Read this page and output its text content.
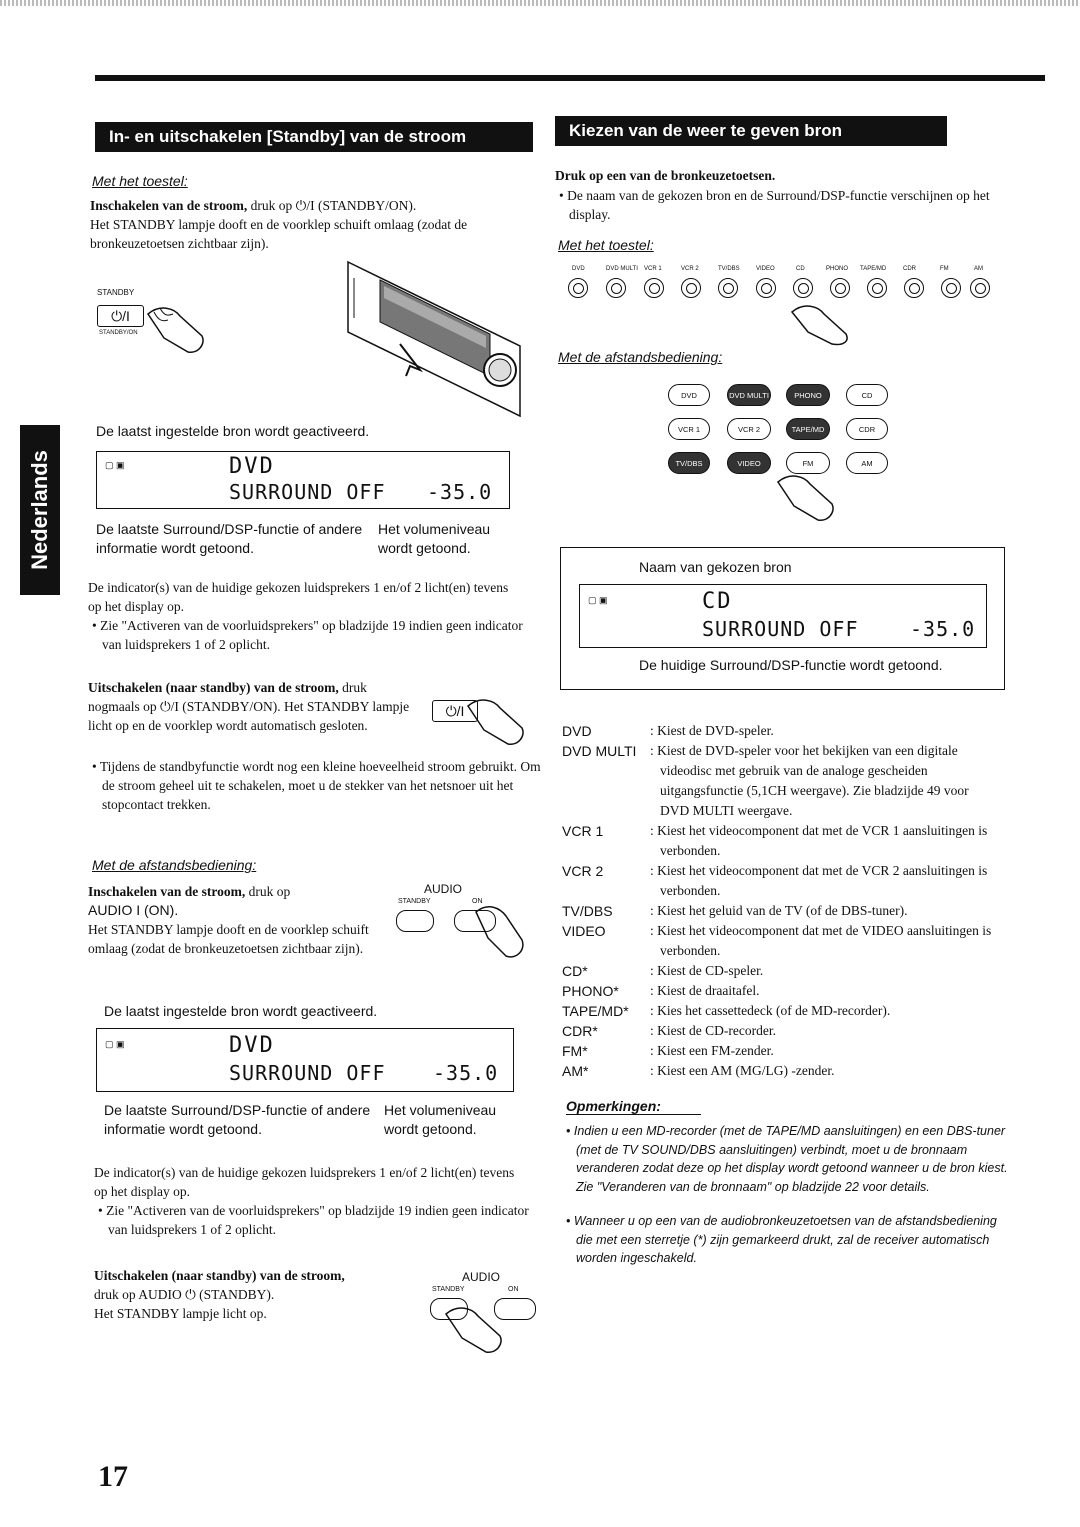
Nederlands
In- en uitschakelen [Standby] van de stroom
Met het toestel:
Inschakelen van de stroom, druk op ⏻/I (STANDBY/ON).
Het STANDBY lampje dooft en de voorklep schuift omlaag (zodat de bronkeuzetoetsen zichtbaar zijn).
STANDBY
⏻/I
STANDBY/ON
De laatst ingestelde bron wordt geactiveerd.
▢ ▣	DVD
SURROUND OFF -35.0
De laatste Surround/DSP-functie of andere informatie wordt getoond.
Het volumeniveau wordt getoond.
De indicator(s) van de huidige gekozen luidsprekers 1 en/of 2 licht(en) tevens op het display op.
• Zie "Activeren van de voorluidsprekers" op bladzijde 19 indien geen indicator van luidsprekers 1 of 2 oplicht.
Uitschakelen (naar standby) van de stroom, druk nogmaals op ⏻/I (STANDBY/ON). Het STANDBY lampje licht op en de voorklep wordt automatisch gesloten.
⏻/I
• Tijdens de standbyfunctie wordt nog een kleine hoeveelheid stroom gebruikt. Om de stroom geheel uit te schakelen, moet u de stekker van het netsnoer uit het stopcontact trekken.
Met de afstandsbediening:
Inschakelen van de stroom, druk op
AUDIO I (ON).
Het STANDBY lampje dooft en de voorklep schuift omlaag (zodat de bronkeuzetoetsen zichtbaar zijn).
AUDIO
STANDBY	ON
De laatst ingestelde bron wordt geactiveerd.
▢ ▣	DVD
SURROUND OFF -35.0
De laatste Surround/DSP-functie of andere informatie wordt getoond.
Het volumeniveau wordt getoond.
De indicator(s) van de huidige gekozen luidsprekers 1 en/of 2 licht(en) tevens op het display op.
• Zie "Activeren van de voorluidsprekers" op bladzijde 19 indien geen indicator van luidsprekers 1 of 2 oplicht.
Uitschakelen (naar standby) van de stroom,
druk op AUDIO ⏻ (STANDBY).
Het STANDBY lampje licht op.
AUDIO
STANDBY	ON
Kiezen van de weer te geven bron
Druk op een van de bronkeuzetoetsen.
• De naam van de gekozen bron en de Surround/DSP-functie verschijnen op het display.
Met het toestel:
DVD	DVD MULTI VCR 1	VCR 2	TV/DBS	VIDEO	CD	PHONO TAPE/MD	CDR	FM	AM
Met de afstandsbediening:
DVD	DVD MULTI	PHONO	CD
VCR 1	VCR 2	TAPE/MD	CDR
TV/DBS	VIDEO	FM	AM
Naam van gekozen bron
▢ ▣	CD
SURROUND OFF	-35.0
De huidige Surround/DSP-functie wordt getoond.
DVD	: Kiest de DVD-speler.
DVD MULTI	: Kiest de DVD-speler voor het bekijken van een digitale videodisc met gebruik van de analoge gescheiden uitgangsfunctie (5,1CH weergave). Zie bladzijde 49 voor DVD MULTI weergave.
VCR 1	: Kiest het videocomponent dat met de VCR 1 aansluitingen is verbonden.
VCR 2	: Kiest het videocomponent dat met de VCR 2 aansluitingen is verbonden.
TV/DBS	: Kiest het geluid van de TV (of de DBS-tuner).
VIDEO	: Kiest het videocomponent dat met de VIDEO aansluitingen is verbonden.
CD*	: Kiest de CD-speler.
PHONO*	: Kiest de draaitafel.
TAPE/MD*	: Kies het cassettedeck (of de MD-recorder).
CDR*	: Kiest de CD-recorder.
FM*	: Kiest een FM-zender.
AM*	: Kiest een AM (MG/LG) -zender.
Opmerkingen:
• Indien u een MD-recorder (met de TAPE/MD aansluitingen) en een DBS-tuner (met de TV SOUND/DBS aansluitingen) verbindt, moet u de bronnaam veranderen zodat deze op het display wordt getoond wanneer u de bron kiest. Zie "Veranderen van de bronnaam" op bladzijde 22 voor details.
• Wanneer u op een van de audiobronkeuzetoetsen van de afstandsbediening die met een sterretje (*) zijn gemarkeerd drukt, zal de receiver automatisch worden ingeschakeld.
17
